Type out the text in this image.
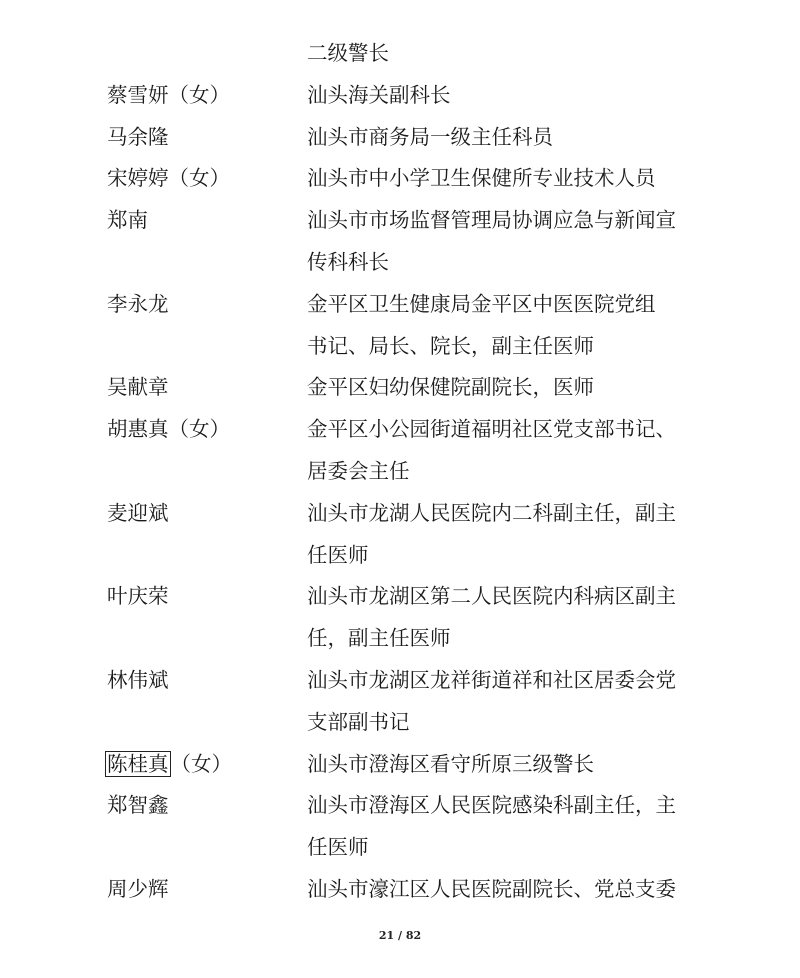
二级警长
蔡雪妍（女）	汕头海关副科长
马余隆	汕头市商务局一级主任科员
宋婷婷（女）	汕头市中小学卫生保健所专业技术人员
郑南	汕头市市场监督管理局协调应急与新闻宣
传科科长
李永龙	金平区卫生健康局金平区中医医院党组
书记、局长、院长，副主任医师
吴献章	金平区妇幼保健院副院长，医师
胡惠真（女）	金平区小公园街道福明社区党支部书记、
居委会主任
麦迎斌	汕头市龙湖人民医院内二科副主任，副主
任医师
叶庆荣	汕头市龙湖区第二人民医院内科病区副主
任，副主任医师
林伟斌	汕头市龙湖区龙祥街道祥和社区居委会党
支部副书记
陈桂真（女）	汕头市澄海区看守所原三级警长
郑智鑫	汕头市澄海区人民医院感染科副主任，主
任医师
周少辉	汕头市濠江区人民医院副院长、党总支委
21 / 82
